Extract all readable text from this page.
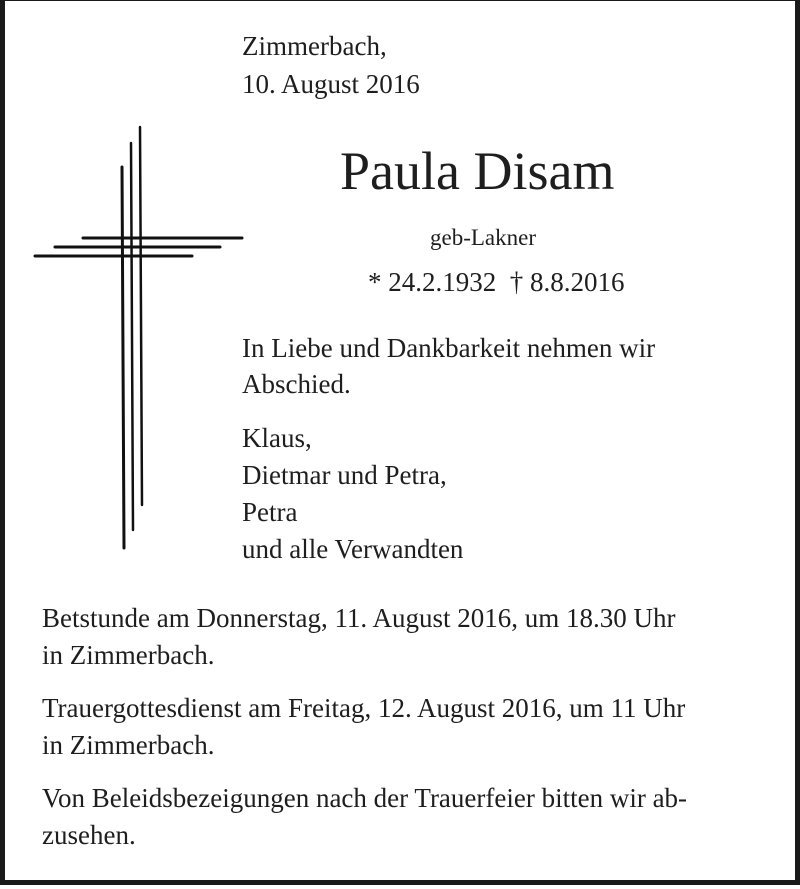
Zimmerbach,
10. August 2016
Paula Disam
geb-Lakner
* 24.2.1932  † 8.8.2016
In Liebe und Dankbarkeit nehmen wir
Abschied.
Klaus,
Dietmar und Petra,
Petra
und alle Verwandten
Betstunde am Donnerstag, 11. August 2016, um 18.30 Uhr
in Zimmerbach.
Trauergottesdienst am Freitag, 12. August 2016, um 11 Uhr
in Zimmerbach.
Von Beleidsbezeigungen nach der Trauerfeier bitten wir ab-
zusehen.
